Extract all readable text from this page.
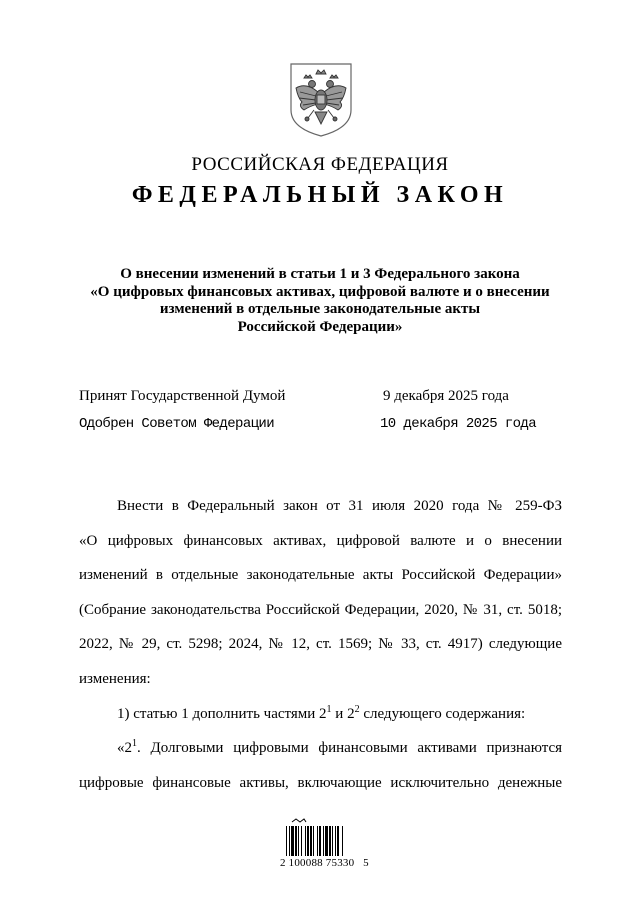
РОССИЙСКАЯ ФЕДЕРАЦИЯ
ФЕДЕРАЛЬНЫЙ ЗАКОН
О внесении изменений в статьи 1 и 3 Федерального закона
«О цифровых финансовых активах, цифровой валюте и о внесении
изменений в отдельные законодательные акты
Российской Федерации»
Принят Государственной Думой	9 декабря 2025 года
Одобрен Советом Федерации	10 декабря 2025 года

Внести в Федеральный закон от 31 июля 2020 года № 259-ФЗ

«О цифровых финансовых активах, цифровой валюте и о внесении

изменений в отдельные законодательные акты Российской Федерации»

(Собрание законодательства Российской Федерации, 2020, № 31, ст. 5018;

2022, № 29, ст. 5298; 2024, № 12, ст. 1569; № 33, ст. 4917) следующие

изменения:

1) статью 1 дополнить частями $2^1$ и $2^2$ следующего содержания:

«$2^1$. Долговыми цифровыми финансовыми активами признаются

цифровые финансовые активы, включающие исключительно денежные

2 100088 75330   5
